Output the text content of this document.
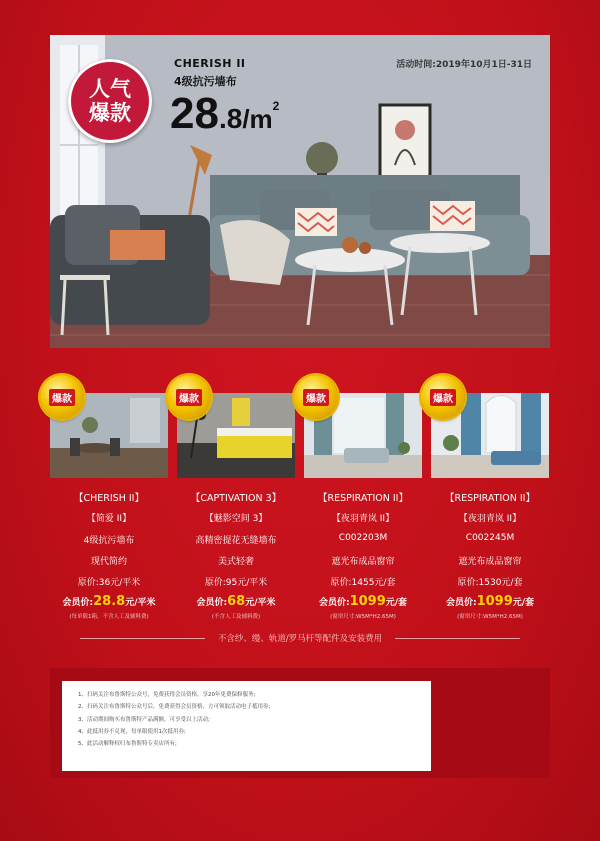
人气
爆款
CHERISH II
4级抗污墙布
$28.8/m^2$
活动时间:2019年10月1日-31日
爆款
【CHERISH II】
【简爱 II】
4级抗污墙布
现代简约
原价:36元/平米
会员价:28.8元/平米
(每单限1箱，不含人工及辅料费)
爆款
【CAPTIVATION 3】
【魅影空间 3】
高精密提花无缝墙布
美式轻奢
原价:95元/平米
会员价:68元/平米
(不含人工及辅料费)
爆款
【RESPIRATION II】
【夜羽青岚 II】
C002203M
遮光布成品窗帘
原价:1455元/套
会员价:1099元/套
(窗帘尺寸:W5M*H2.65M)
爆款
【RESPIRATION II】
【夜羽青岚 II】
C002245M
遮光布成品窗帘
原价:1530元/套
会员价:1099元/套
(窗帘尺寸:W5M*H2.65M)
不含纱、缦、轨道/罗马杆等配件及安装费用
1、扫码关注布鲁斯特公众号，免费获得会员资格，享20年免费保修服务;
2、扫码关注布鲁斯特公众号后，免费获得会员资格，方可领取活动电子抵用券;
3、活动期间购买布鲁斯特产品满额，可享受以上活动;
4、此抵用券不兑现，每单限使用1次抵用券;
5、此活动解释权归布鲁斯特专卖店所有;
